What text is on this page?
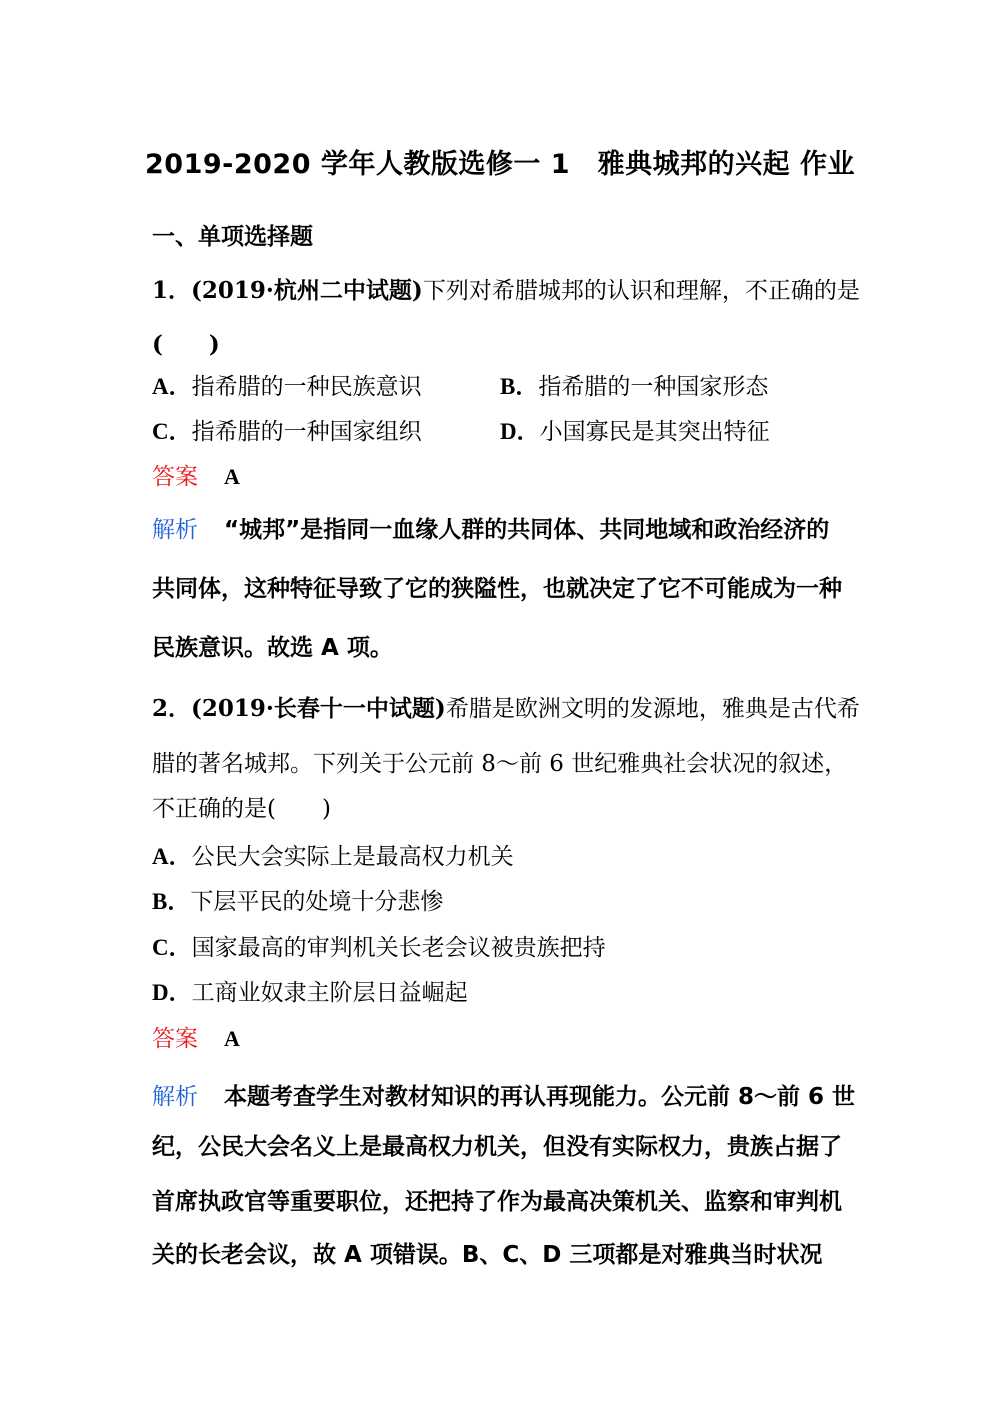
2019-2020 学年人教版选修一 1　雅典城邦的兴起 作业
一、单项选择题
1．(2019·杭州二中试题)下列对希腊城邦的认识和理解，不正确的是
(　　)
A．指希腊的一种民族意识	B．指希腊的一种国家形态
C．指希腊的一种国家组织	D．小国寡民是其突出特征
答案 A
解析 “城邦”是指同一血缘人群的共同体、共同地域和政治经济的
共同体，这种特征导致了它的狭隘性，也就决定了它不可能成为一种
民族意识。故选 A 项。
2．(2019·长春十一中试题)希腊是欧洲文明的发源地，雅典是古代希
腊的著名城邦。下列关于公元前 8～前 6 世纪雅典社会状况的叙述，
不正确的是(　　)
A．公民大会实际上是最高权力机关
B．下层平民的处境十分悲惨
C．国家最高的审判机关长老会议被贵族把持
D．工商业奴隶主阶层日益崛起
答案 A
解析 本题考查学生对教材知识的再认再现能力。公元前 8～前 6 世
纪，公民大会名义上是最高权力机关，但没有实际权力，贵族占据了
首席执政官等重要职位，还把持了作为最高决策机关、监察和审判机
关的长老会议，故 A 项错误。B、C、D 三项都是对雅典当时状况
